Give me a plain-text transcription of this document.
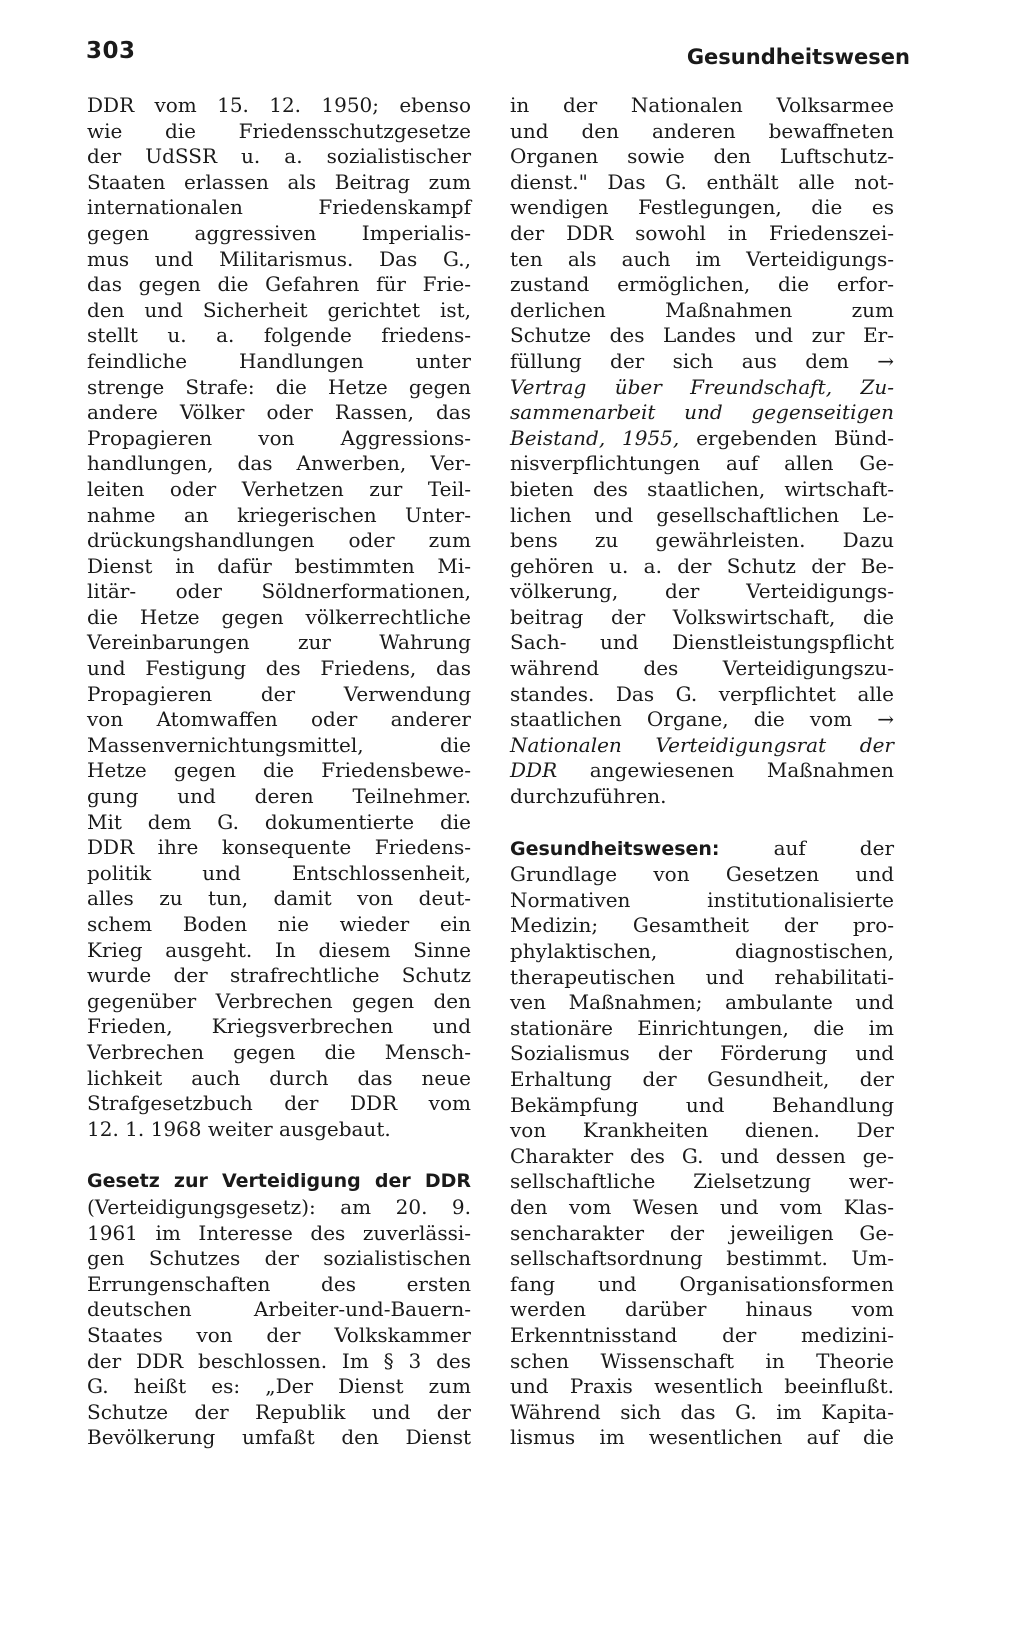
303	Gesundheitswesen
DDR vom 15. 12. 1950; ebenso
wie die Friedensschutzgesetze
der UdSSR u. a. sozialistischer
Staaten erlassen als Beitrag zum
internationalen Friedenskampf
gegen aggressiven Imperialis-
mus und Militarismus. Das G.,
das gegen die Gefahren für Frie-
den und Sicherheit gerichtet ist,
stellt u. a. folgende friedens-
feindliche Handlungen unter
strenge Strafe: die Hetze gegen
andere Völker oder Rassen, das
Propagieren von Aggressions-
handlungen, das Anwerben, Ver-
leiten oder Verhetzen zur Teil-
nahme an kriegerischen Unter-
drückungshandlungen oder zum
Dienst in dafür bestimmten Mi-
litär- oder Söldnerformationen,
die Hetze gegen völkerrechtliche
Vereinbarungen zur Wahrung
und Festigung des Friedens, das
Propagieren der Verwendung
von Atomwaffen oder anderer
Massenvernichtungsmittel, die
Hetze gegen die Friedensbewe-
gung und deren Teilnehmer.
Mit dem G. dokumentierte die
DDR ihre konsequente Friedens-
politik und Entschlossenheit,
alles zu tun, damit von deut-
schem Boden nie wieder ein
Krieg ausgeht. In diesem Sinne
wurde der strafrechtliche Schutz
gegenüber Verbrechen gegen den
Frieden, Kriegsverbrechen und
Verbrechen gegen die Mensch-
lichkeit auch durch das neue
Strafgesetzbuch der DDR vom
12. 1. 1968 weiter ausgebaut.
Gesetz zur Verteidigung der DDR
(Verteidigungsgesetz): am 20. 9.
1961 im Interesse des zuverlässi-
gen Schutzes der sozialistischen
Errungenschaften des ersten
deutschen Arbeiter-und-Bauern-
Staates von der Volkskammer
der DDR beschlossen. Im § 3 des
G. heißt es: „Der Dienst zum
Schutze der Republik und der
Bevölkerung umfaßt den Dienst
in der Nationalen Volksarmee
und den anderen bewaffneten
Organen sowie den Luftschutz-
dienst." Das G. enthält alle not-
wendigen Festlegungen, die es
der DDR sowohl in Friedenszei-
ten als auch im Verteidigungs-
zustand ermöglichen, die erfor-
derlichen Maßnahmen zum
Schutze des Landes und zur Er-
füllung der sich aus dem →
Vertrag über Freundschaft, Zu-
sammenarbeit und gegenseitigen
Beistand, 1955, ergebenden Bünd-
nisverpflichtungen auf allen Ge-
bieten des staatlichen, wirtschaft-
lichen und gesellschaftlichen Le-
bens zu gewährleisten. Dazu
gehören u. a. der Schutz der Be-
völkerung, der Verteidigungs-
beitrag der Volkswirtschaft, die
Sach- und Dienstleistungspflicht
während des Verteidigungszu-
standes. Das G. verpflichtet alle
staatlichen Organe, die vom →
Nationalen Verteidigungsrat der
DDR angewiesenen Maßnahmen
durchzuführen.
Gesundheitswesen:	auf der
Grundlage von Gesetzen und
Normativen institutionalisierte
Medizin; Gesamtheit der pro-
phylaktischen, diagnostischen,
therapeutischen und rehabilitati-
ven Maßnahmen; ambulante und
stationäre Einrichtungen, die im
Sozialismus der Förderung und
Erhaltung der Gesundheit, der
Bekämpfung und Behandlung
von Krankheiten dienen. Der
Charakter des G. und dessen ge-
sellschaftliche Zielsetzung wer-
den vom Wesen und vom Klas-
sencharakter der jeweiligen Ge-
sellschaftsordnung bestimmt. Um-
fang und Organisationsformen
werden darüber hinaus vom
Erkenntnisstand der medizini-
schen Wissenschaft in Theorie
und Praxis wesentlich beeinflußt.
Während sich das G. im Kapita-
lismus im wesentlichen auf die
